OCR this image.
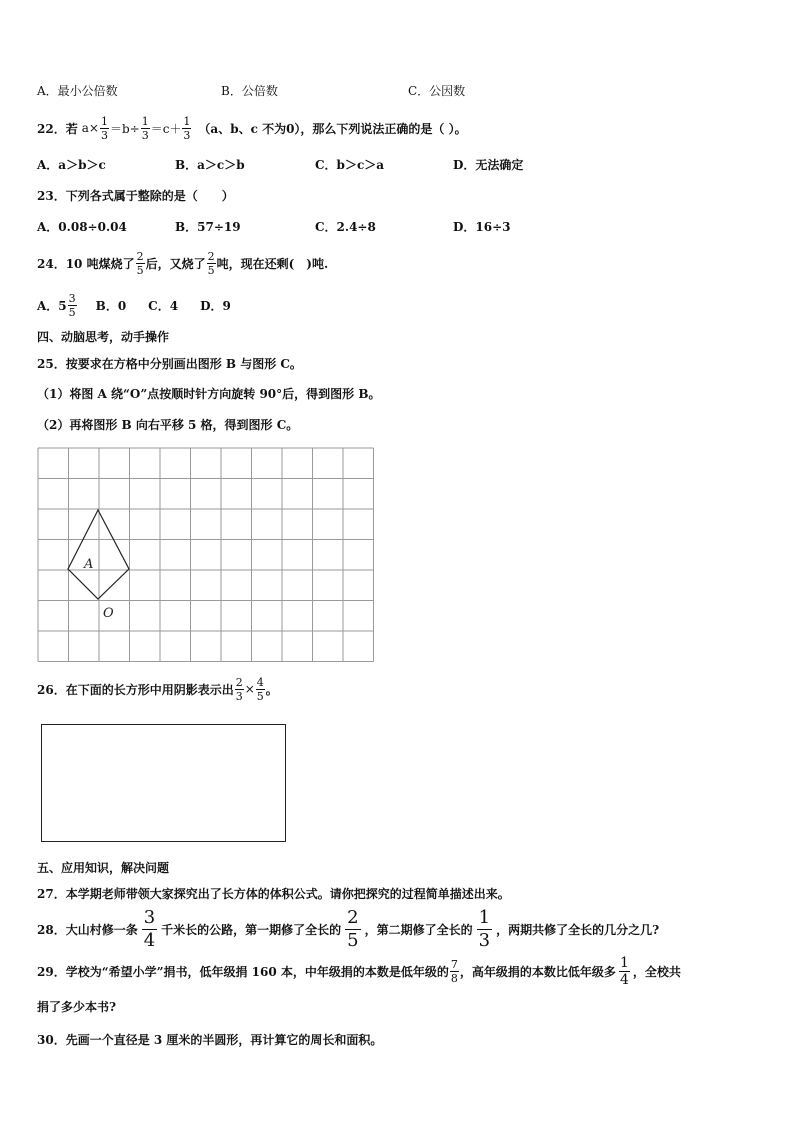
A．最小公倍数	B．公倍数	C．公因数
22． 若 $a \times \frac{1}{3} =b\div \frac{1}{3} =c+ \frac{1}{3} (a$、b、c 不为0），那么下列说法正确的是（ ）。
A．a＞b＞c	B．a＞c＞b	C．b＞c＞a	D．无法确定
23．下列各式属于整除的是（　　）
A．0.08÷0.04	B．57÷19	C．2.4÷8	D．16÷3
24．10 吨煤烧了 $\frac{2}{5}$ 后，又烧了 $\frac{2}{5}$ 吨，现在还剩(　)吨.
A．$5 \frac{3}{5}$ B．0 C．4 D．9
四、动脑思考，动手操作
25．按要求在方格中分别画出图形 B 与图形 C。
（1）将图 A 绕“O”点按顺时针方向旋转 90°后，得到图形 B。
（2）再将图形 B 向右平移 5 格，得到图形 C。
A
O
26．在下面的长方形中用阴影表示出 $\frac{2}{3} \times \frac{4}{5}$ 。
五、应用知识，解决问题
27．本学期老师带领大家探究出了长方体的体积公式。请你把探究的过程简单描述出来。
28．大山村修一条 $\frac{3}{4}$ 千米长的公路，第一期修了全长的 $\frac{2}{5}$ ，第二期修了全长的 $\frac{1}{3}$ ，两期共修了全长的几分之几?
29．学校为“希望小学”捐书，低年级捐 160 本，中年级捐的本数是低年级的 $\frac{7}{8}$ ，高年级捐的本数比低年级多 $\frac{1}{4}$ ，全校共
捐了多少本书?
30．先画一个直径是 3 厘米的半圆形，再计算它的周长和面积。
